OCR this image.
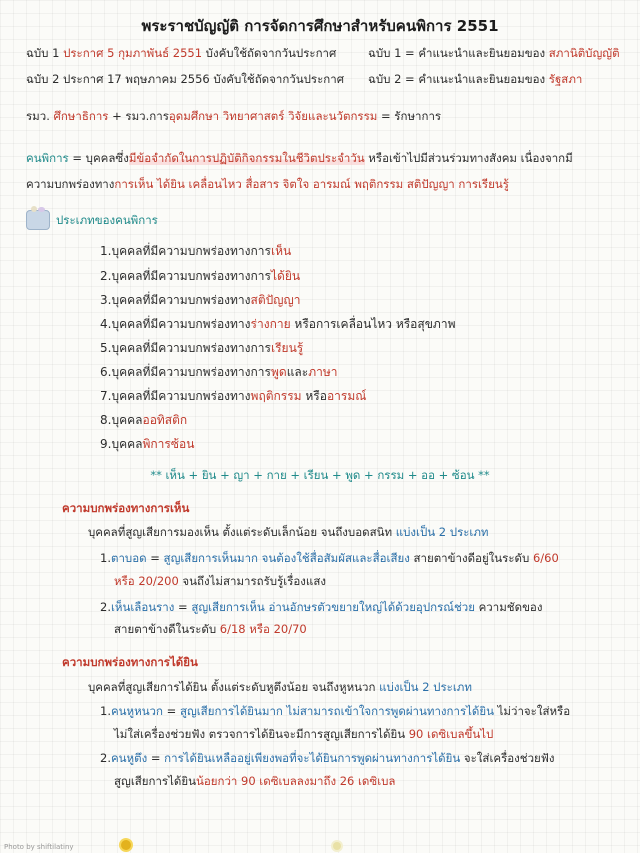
พระราชบัญญัติ การจัดการศึกษาสำหรับคนพิการ 2551
ฉบับ 1 ประกาศ 5 กุมภาพันธ์ 2551 บังคับใช้ถัดจากวันประกาศ	ฉบับ 1 = คำแนะนำและยินยอมของ สภานิติบัญญัติ
ฉบับ 2 ประกาศ 17 พฤษภาคม 2556 บังคับใช้ถัดจากวันประกาศ ฉบับ 2 = คำแนะนำและยินยอมของ รัฐสภา
รมว. ศึกษาธิการ + รมว.การอุดมศึกษา วิทยาศาสตร์ วิจัยและนวัตกรรม = รักษาการ
คนพิการ = บุคคลซึ่งมีข้อจำกัดในการปฏิบัติกิจกรรมในชีวิตประจำวัน หรือเข้าไปมีส่วนร่วมทางสังคม เนื่องจากมี
ความบกพร่องทางการเห็น ได้ยิน เคลื่อนไหว สื่อสาร จิตใจ อารมณ์ พฤติกรรม สติปัญญา การเรียนรู้
ประเภทของคนพิการ
1.บุคคลที่มีความบกพร่องทางการเห็น
2.บุคคลที่มีความบกพร่องทางการได้ยิน
3.บุคคลที่มีความบกพร่องทางสติปัญญา
4.บุคคลที่มีความบกพร่องทางร่างกาย หรือการเคลื่อนไหว หรือสุขภาพ
5.บุคคลที่มีความบกพร่องทางการเรียนรู้
6.บุคคลที่มีความบกพร่องทางการพูดและภาษา
7.บุคคลที่มีความบกพร่องทางพฤติกรรม หรืออารมณ์
8.บุคคลออทิสติก
9.บุคคลพิการซ้อน
** เห็น + ยิน + ญา + กาย + เรียน + พูด + กรรม + ออ + ซ้อน **
ความบกพร่องทางการเห็น
บุคคลที่สูญเสียการมองเห็น ตั้งแต่ระดับเล็กน้อย จนถึงบอดสนิท แบ่งเป็น 2 ประเภท
1.ตาบอด = สูญเสียการเห็นมาก จนต้องใช้สื่อสัมผัสและสื่อเสียง สายตาข้างดีอยู่ในระดับ 6/60
หรือ 20/200 จนถึงไม่สามารถรับรู้เรื่องแสง
2.เห็นเลือนราง = สูญเสียการเห็น อ่านอักษรตัวขยายใหญ่ได้ด้วยอุปกรณ์ช่วย ความชัดของ
สายตาข้างดีในระดับ 6/18 หรือ 20/70
ความบกพร่องทางการได้ยิน
บุคคลที่สูญเสียการได้ยิน ตั้งแต่ระดับหูตึงน้อย จนถึงหูหนวก แบ่งเป็น 2 ประเภท
1.คนหูหนวก = สูญเสียการได้ยินมาก ไม่สามารถเข้าใจการพูดผ่านทางการได้ยิน ไม่ว่าจะใส่หรือ
ไม่ใส่เครื่องช่วยฟัง ตรวจการได้ยินจะมีการสูญเสียการได้ยิน 90 เดซิเบลขึ้นไป
2.คนหูตึง = การได้ยินเหลืออยู่เพียงพอที่จะได้ยินการพูดผ่านทางการได้ยิน จะใส่เครื่องช่วยฟัง
สูญเสียการได้ยินน้อยกว่า 90 เดซิเบลลงมาถึง 26 เดซิเบล
Photo by shiftilatiny
